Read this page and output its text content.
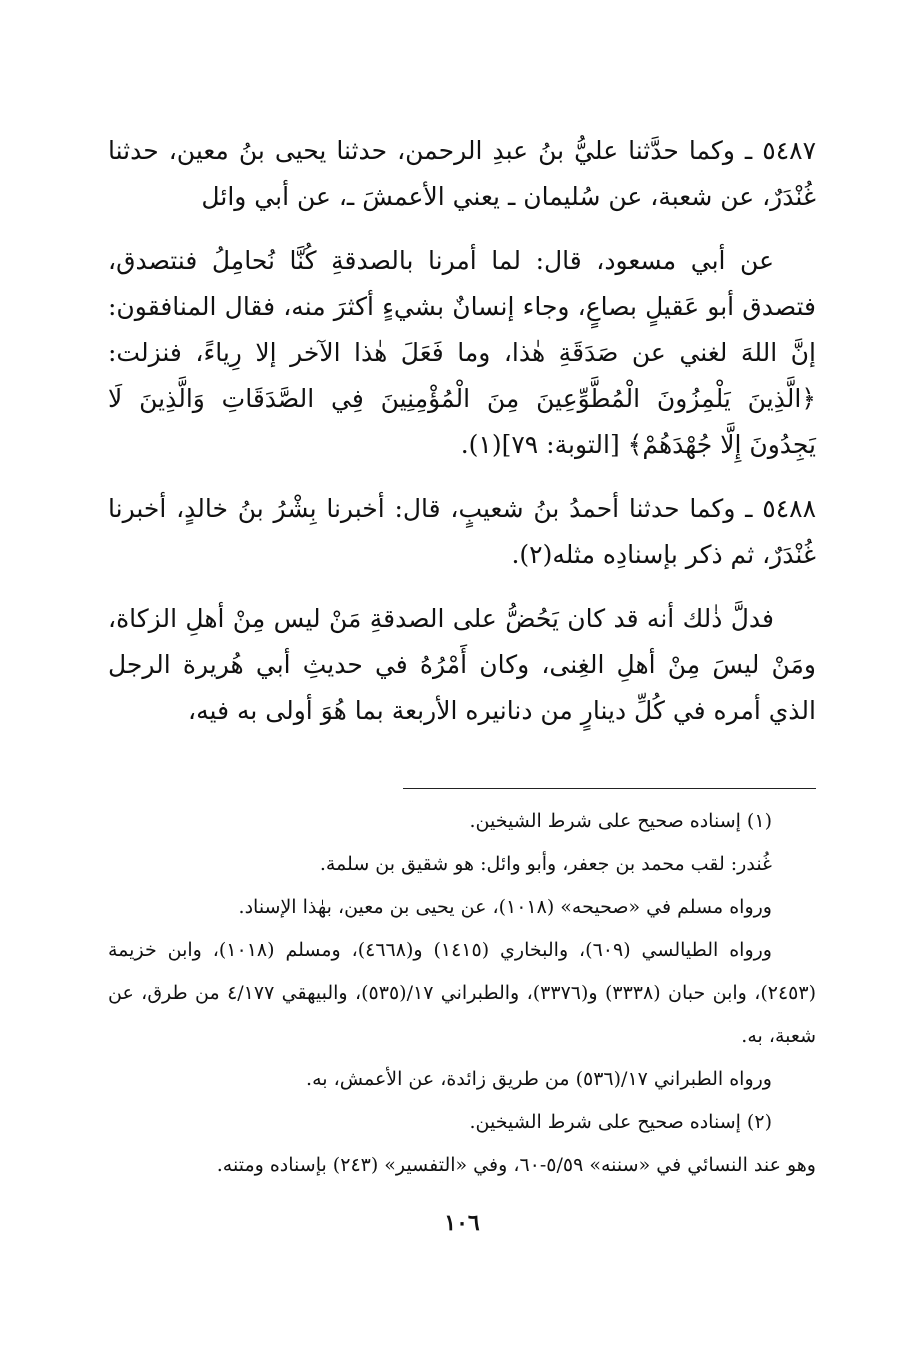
٥٤٨٧ ـ وكما حدَّثنا عليُّ بنُ عبدِ الرحمن، حدثنا يحيى بنُ معين، حدثنا غُنْدَرٌ، عن شعبة، عن سُليمان ـ يعني الأعمشَ ـ، عن أبي وائل

عن أبي مسعود، قال: لما أمرنا بالصدقةِ كُنَّا نُحامِلُ فنتصدق، فتصدق أبو عَقيلٍ بصاعٍ، وجاء إنسانٌ بشيءٍ أكثرَ منه، فقال المنافقون: إنَّ اللهَ لغني عن صَدَقَةِ هٰذا، وما فَعَلَ هٰذا الآخر إلا رِياءً، فنزلت: ﴿الَّذِينَ يَلْمِزُونَ الْمُطَّوِّعِينَ مِنَ الْمُؤْمِنِينَ فِي الصَّدَقَاتِ وَالَّذِينَ لَا يَجِدُونَ إِلَّا جُهْدَهُمْ﴾ [التوبة: ٧٩](١).

٥٤٨٨ ـ وكما حدثنا أحمدُ بنُ شعيبٍ، قال: أخبرنا بِشْرُ بنُ خالدٍ، أخبرنا غُنْدَرٌ، ثم ذكر بإسنادِه مثله(٢).

فدلَّ ذٰلك أنه قد كان يَحُضُّ على الصدقةِ مَنْ ليس مِنْ أهلِ الزكاة، ومَنْ ليسَ مِنْ أهلِ الغِنى، وكان أَمْرُهُ في حديثِ أبي هُريرة الرجل الذي أمره في كُلِّ دينارٍ من دنانيره الأربعة بما هُوَ أولى به فيه،

(١) إسناده صحيح على شرط الشيخين.

غُندر: لقب محمد بن جعفر، وأبو وائل: هو شقيق بن سلمة.

ورواه مسلم في «صحيحه» (١٠١٨)، عن يحيى بن معين، بهٰذا الإسناد.

ورواه الطيالسي (٦٠٩)، والبخاري (١٤١٥) و(٤٦٦٨)، ومسلم (١٠١٨)، وابن خزيمة (٢٤٥٣)، وابن حبان (٣٣٣٨) و(٣٣٧٦)، والطبراني ١٧/(٥٣٥)، والبيهقي ٤/١٧٧ من طرق، عن شعبة، به.

ورواه الطبراني ١٧/(٥٣٦) من طريق زائدة، عن الأعمش، به.

(٢) إسناده صحيح على شرط الشيخين.

وهو عند النسائي في «سننه» ٥/٥٩-٦٠، وفي «التفسير» (٢٤٣) بإسناده ومتنه.

١٠٦
